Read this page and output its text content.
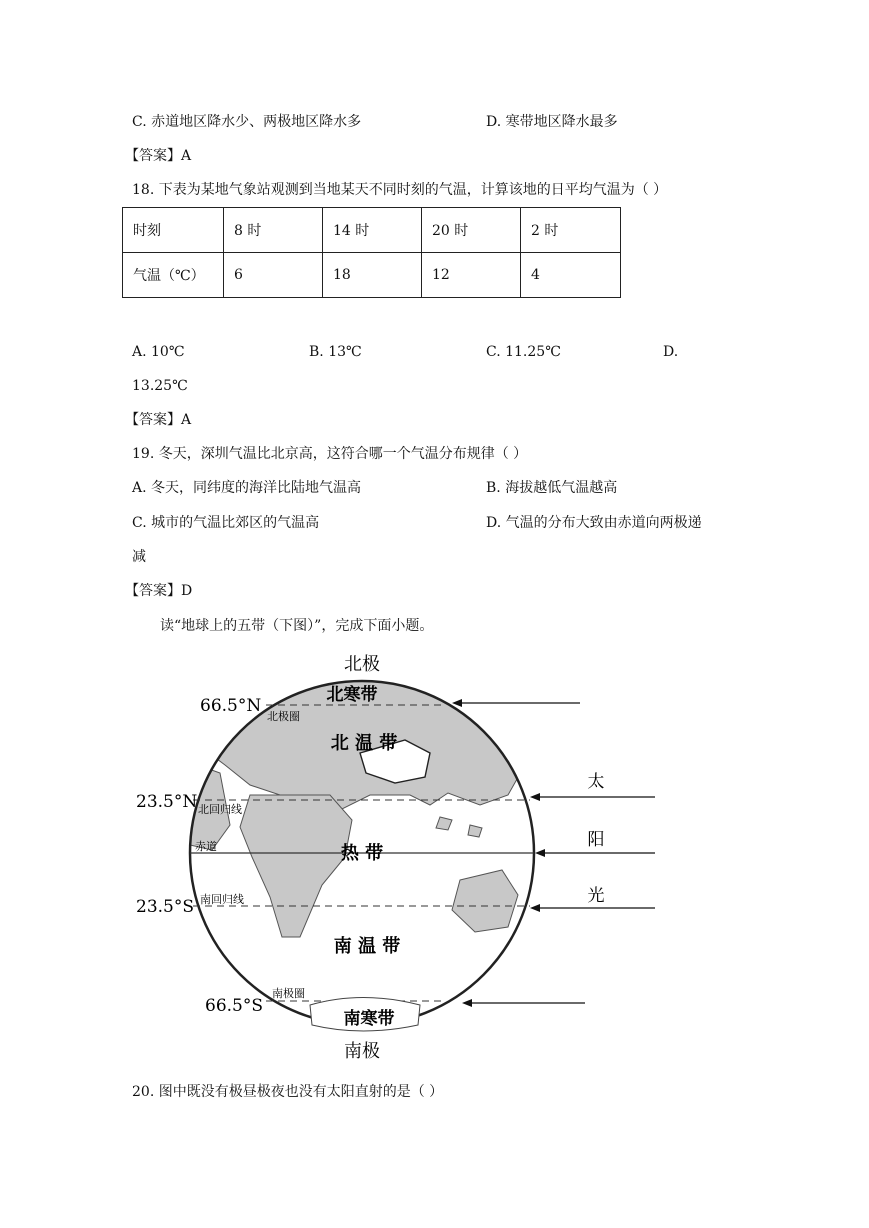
C. 赤道地区降水少、两极地区降水多	D. 寒带地区降水最多
【答案】A
18. 下表为某地气象站观测到当地某天不同时刻的气温，计算该地的日平均气温为（ ）
时刻	8 时	14 时	20 时	2 时
气温（℃）	6	18	12	4
A. 10℃	B. 13℃	C. 11.25℃	D.
13.25℃
【答案】A
19. 冬天，深圳气温比北京高，这符合哪一个气温分布规律（ ）
A. 冬天，同纬度的海洋比陆地气温高	B. 海拔越低气温越高
C. 城市的气温比郊区的气温高	D. 气温的分布大致由赤道向两极递
减
【答案】D
读“地球上的五带（下图）”，完成下面小题。
北极
南极
66.5°N
23.5°N
23.5°S
66.5°S
北极圈
北回归线
赤道
南回归线
南极圈
北寒带
北 温 带
热 带
南 温 带
南寒带
太
阳
光
20. 图中既没有极昼极夜也没有太阳直射的是（ ）
